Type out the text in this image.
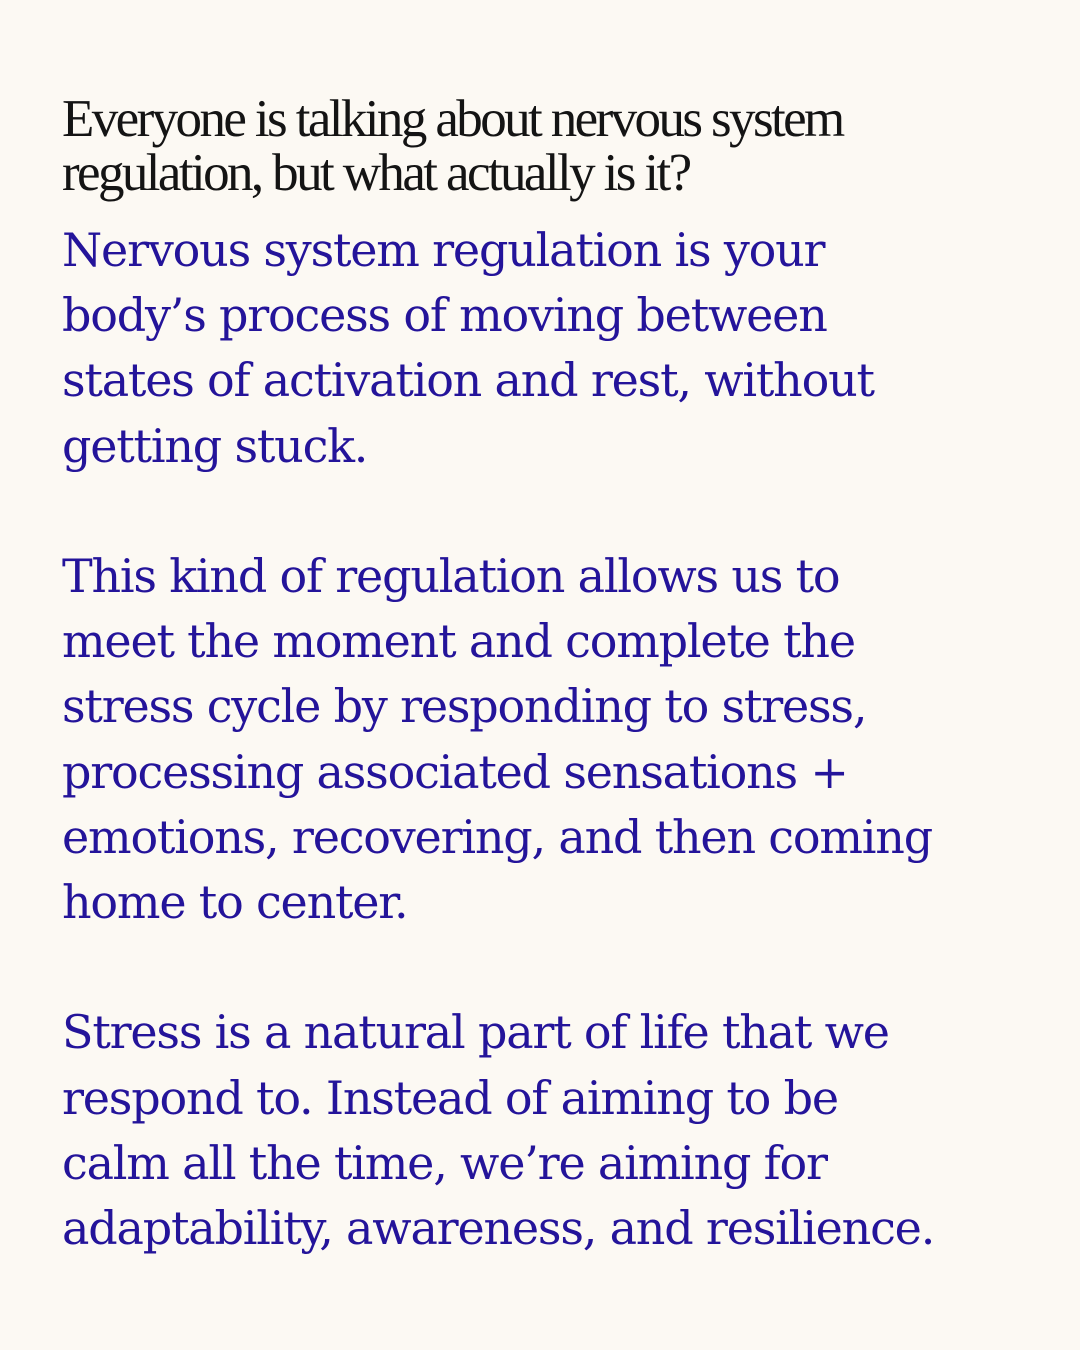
Everyone is talking about nervous system
regulation, but what actually is it?

Nervous system regulation is your
body’s process of moving between
states of activation and rest, without
getting stuck.

This kind of regulation allows us to
meet the moment and complete the
stress cycle by responding to stress,
processing associated sensations +
emotions, recovering, and then coming
home to center.

Stress is a natural part of life that we
respond to. Instead of aiming to be
calm all the time, we’re aiming for
adaptability, awareness, and resilience.
